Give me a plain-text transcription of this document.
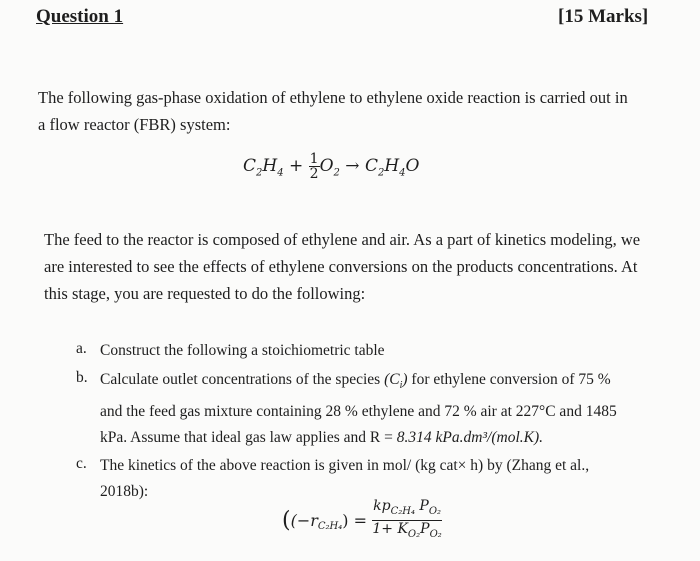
Question 1	[15 Marks]
The following gas-phase oxidation of ethylene to ethylene oxide reaction is carried out in
a flow reactor (FBR) system:
$C_2H_4 + \frac{1}{2} O_2 \to C_2H_4O$
The feed to the reactor is composed of ethylene and air. As a part of kinetics modeling, we
are interested to see the effects of ethylene conversions on the products concentrations. At
this stage, you are requested to do the following:
a. Construct the following a stoichiometric table
b. Calculate outlet concentrations of the species $(C_i)$ for ethylene conversion of 75 %
and the feed gas mixture containing 28 % ethylene and 72 % air at 227°C and 1485
kPa. Assume that ideal gas law applies and R = 8.314 kPa.dm³/(mol.K).
c. The kinetics of the above reaction is given in mol/ (kg cat× h) by (Zhang et al.,
2018b):
($(-r_{C_2H_4}) = \frac{kp_{C_2H_4} P_{O_2}}{1+ K_{O_2}P_{O_2}}$
